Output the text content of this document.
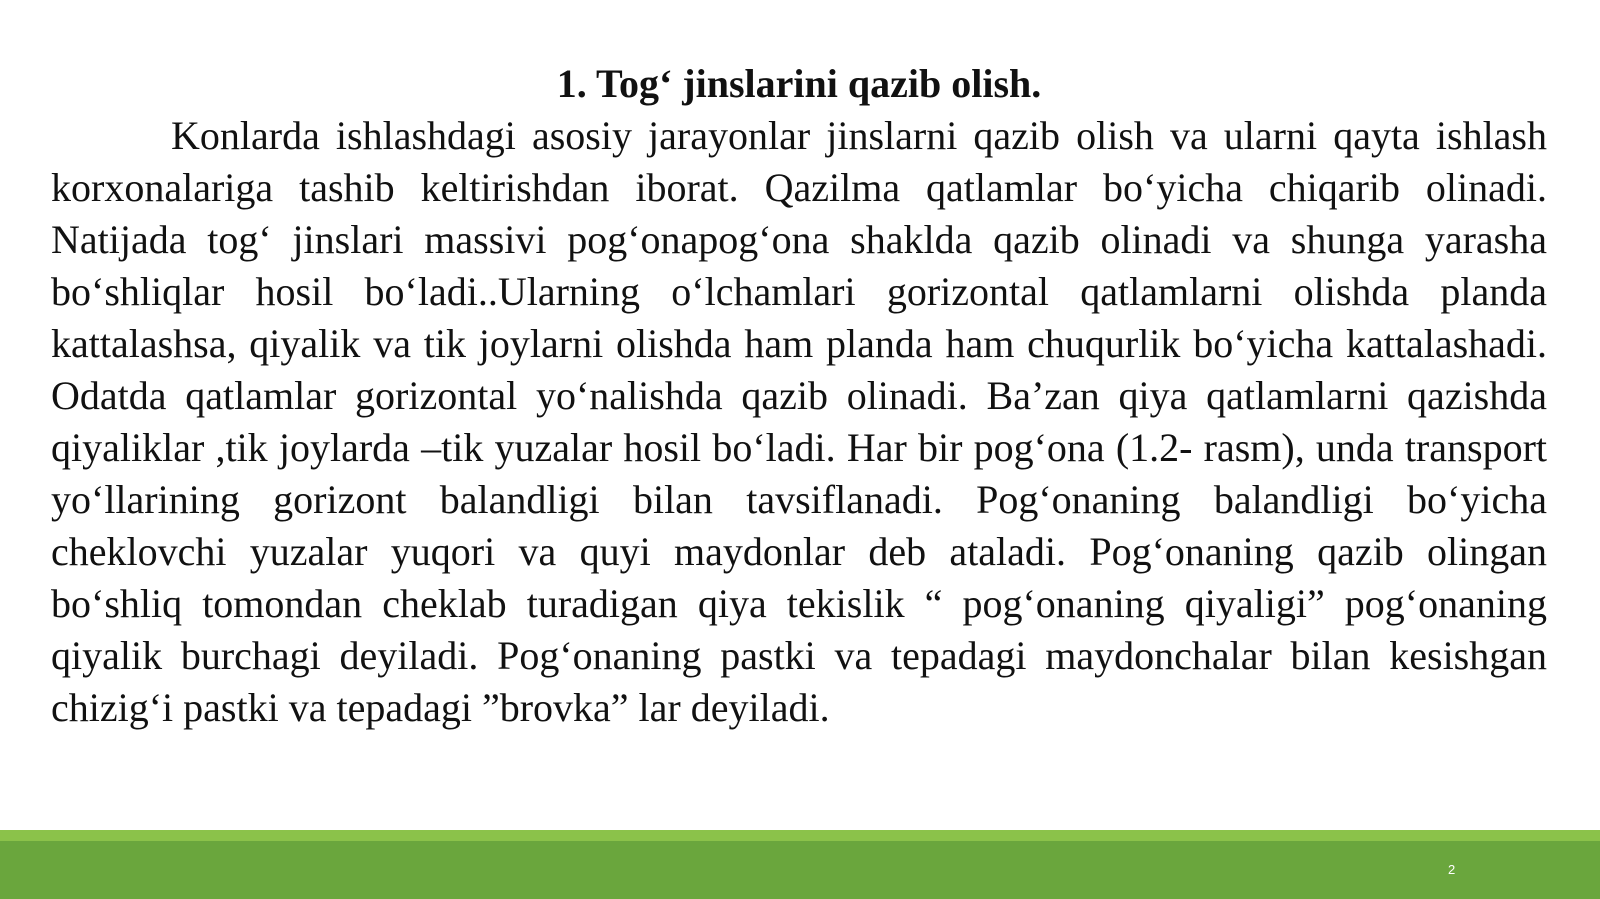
1. Tog‘ jinslarini qazib olish.

Konlarda ishlashdagi asosiy jarayonlar jinslarni qazib olish va ularni qayta ishlash korxonalariga tashib keltirishdan iborat. Qazilma qatlamlar bo‘yicha chiqarib olinadi. Natijada tog‘ jinslari massivi pog‘onapog‘ona shaklda qazib olinadi va shunga yarasha bo‘shliqlar hosil bo‘ladi..Ularning o‘lchamlari gorizontal qatlamlarni olishda planda kattalashsa, qiyalik va tik joylarni olishda ham planda ham chuqurlik bo‘yicha kattalashadi. Odatda qatlamlar gorizontal yo‘nalishda qazib olinadi. Ba’zan qiya qatlamlarni qazishda qiyaliklar ,tik joylarda –tik yuzalar hosil bo‘ladi. Har bir pog‘ona (1.2- rasm), unda transport yo‘llarining gorizont balandligi bilan tavsiflanadi. Pog‘onaning balandligi bo‘yicha cheklovchi yuzalar yuqori va quyi maydonlar deb ataladi. Pog‘onaning qazib olingan bo‘shliq tomondan cheklab turadigan qiya tekislik “ pog‘onaning qiyaligi” pog‘onaning qiyalik burchagi deyiladi. Pog‘onaning pastki va tepadagi maydonchalar bilan kesishgan chizig‘i pastki va tepadagi ”brovka” lar deyiladi.

2
